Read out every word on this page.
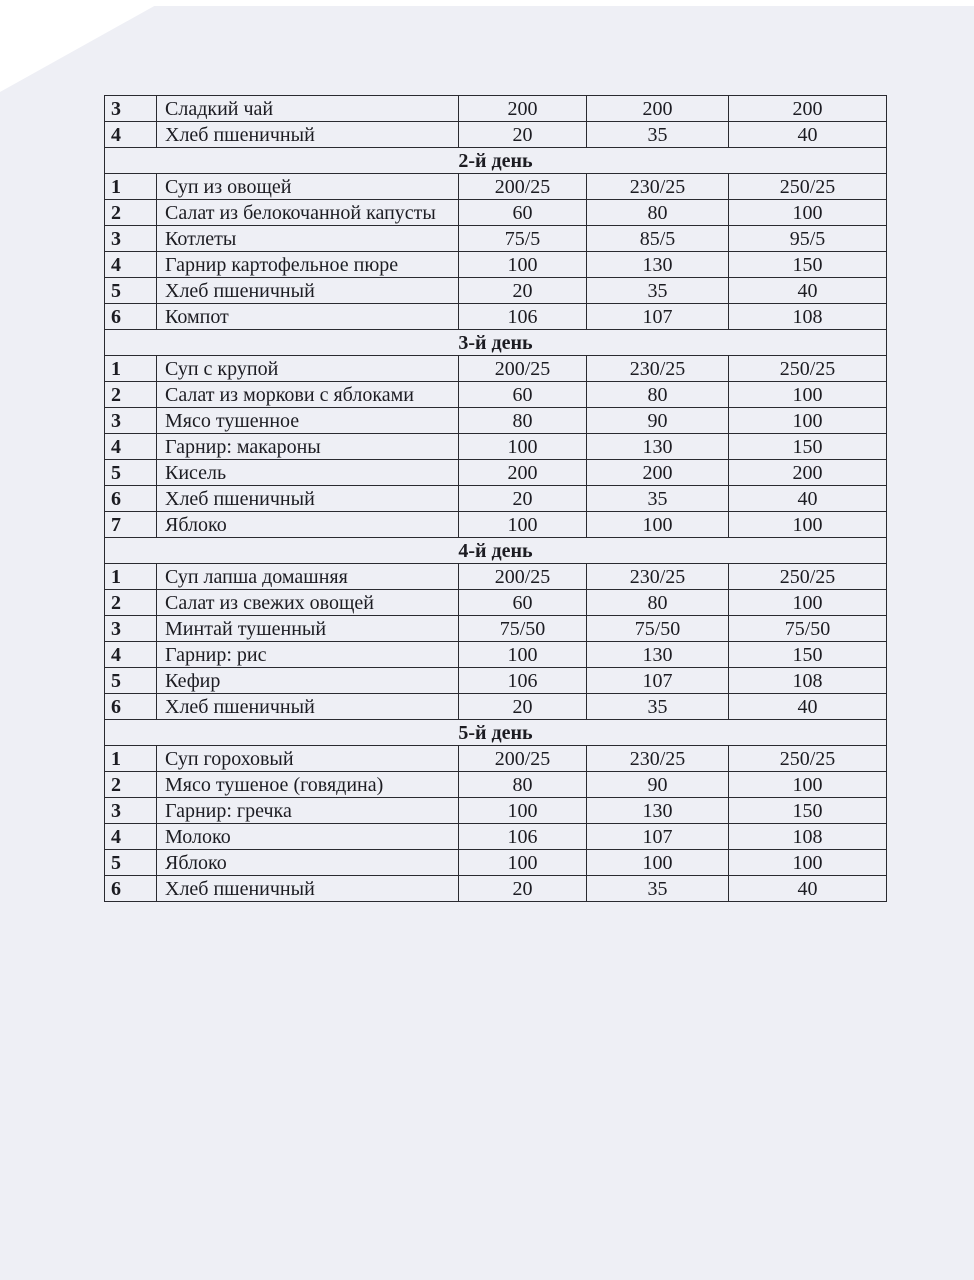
3	Сладкий чай	200	200	200
4	Хлеб пшеничный	20	35	40
2-й день				
1	Суп из овощей	200/25	230/25	250/25
2	Салат из белокочанной капусты	60	80	100
3	Котлеты	75/5	85/5	95/5
4	Гарнир картофельное пюре	100	130	150
5	Хлеб пшеничный	20	35	40
6	Компот	106	107	108
3-й день				
1	Суп с крупой	200/25	230/25	250/25
2	Салат из моркови с яблоками	60	80	100
3	Мясо тушенное	80	90	100
4	Гарнир: макароны	100	130	150
5	Кисель	200	200	200
6	Хлеб пшеничный	20	35	40
7	Яблоко	100	100	100
4-й день				
1	Суп лапша домашняя	200/25	230/25	250/25
2	Салат из свежих овощей	60	80	100
3	Минтай тушенный	75/50	75/50	75/50
4	Гарнир: рис	100	130	150
5	Кефир	106	107	108
6	Хлеб пшеничный	20	35	40
5-й день				
1	Суп гороховый	200/25	230/25	250/25
2	Мясо тушеное (говядина)	80	90	100
3	Гарнир: гречка	100	130	150
4	Молоко	106	107	108
5	Яблоко	100	100	100
6	Хлеб пшеничный	20	35	40
